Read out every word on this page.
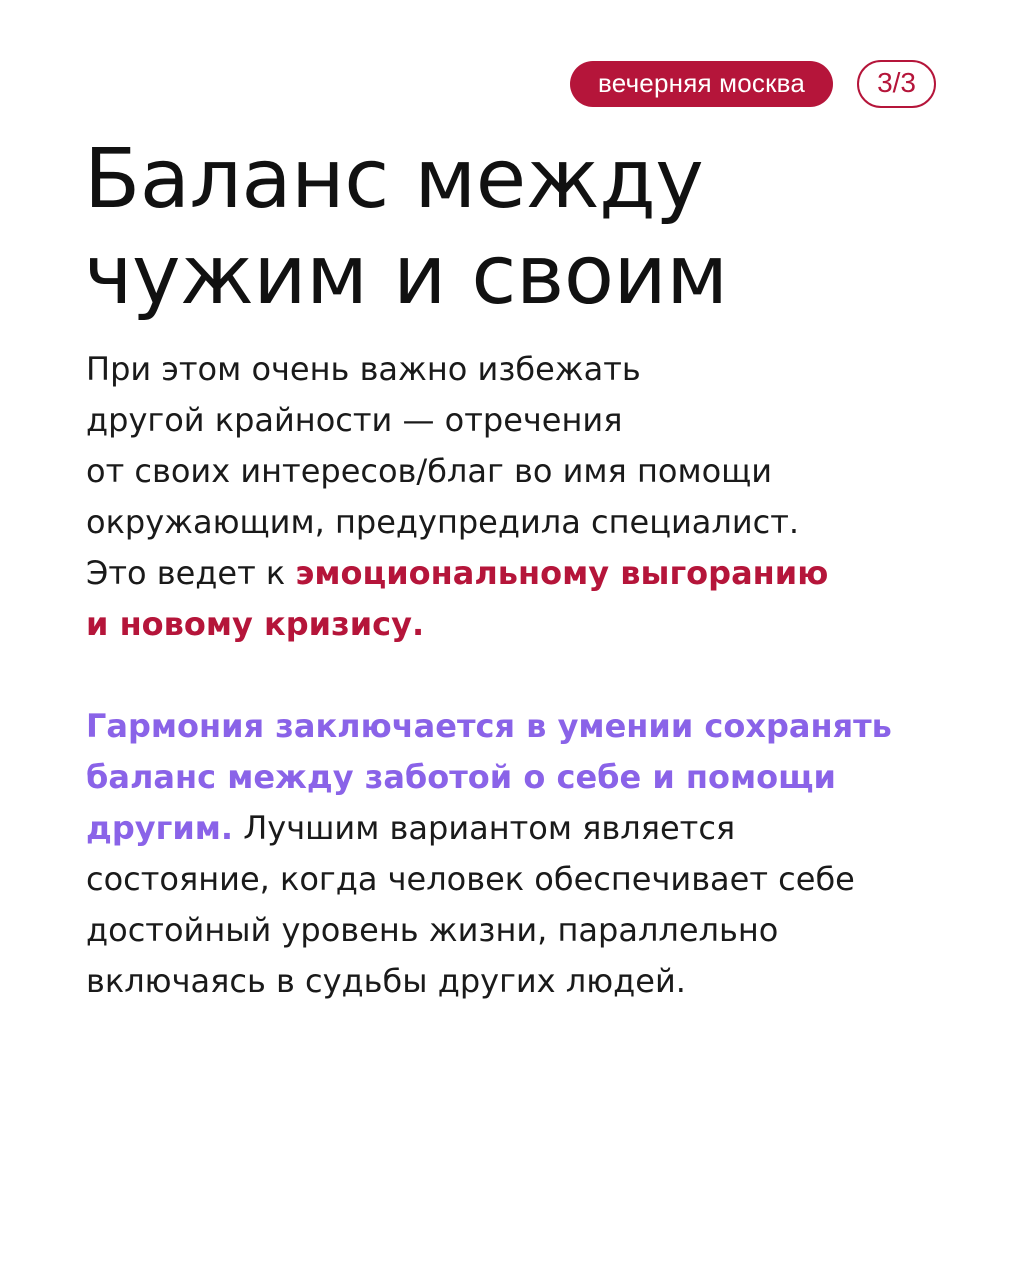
вечерняя москва	3/3
Баланс между
чужим и своим

При этом очень важно избежать
другой крайности — отречения
от своих интересов/благ во имя помощи
окружающим, предупредила специалист.
Это ведет к эмоциональному выгоранию
и новому кризису.

Гармония заключается в умении сохранять
баланс между заботой о себе и помощи
другим. Лучшим вариантом является
состояние, когда человек обеспечивает себе
достойный уровень жизни, параллельно
включаясь в судьбы других людей.
